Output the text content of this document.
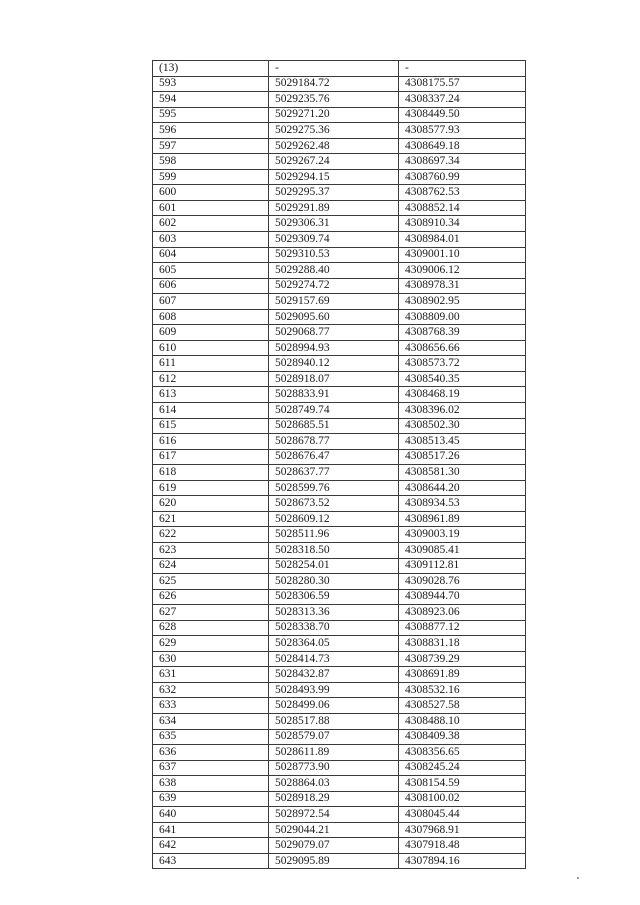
(13)	-	-
593	5029184.72	4308175.57
594	5029235.76	4308337.24
595	5029271.20	4308449.50
596	5029275.36	4308577.93
597	5029262.48	4308649.18
598	5029267.24	4308697.34
599	5029294.15	4308760.99
600	5029295.37	4308762.53
601	5029291.89	4308852.14
602	5029306.31	4308910.34
603	5029309.74	4308984.01
604	5029310.53	4309001.10
605	5029288.40	4309006.12
606	5029274.72	4308978.31
607	5029157.69	4308902.95
608	5029095.60	4308809.00
609	5029068.77	4308768.39
610	5028994.93	4308656.66
611	5028940.12	4308573.72
612	5028918.07	4308540.35
613	5028833.91	4308468.19
614	5028749.74	4308396.02
615	5028685.51	4308502.30
616	5028678.77	4308513.45
617	5028676.47	4308517.26
618	5028637.77	4308581.30
619	5028599.76	4308644.20
620	5028673.52	4308934.53
621	5028609.12	4308961.89
622	5028511.96	4309003.19
623	5028318.50	4309085.41
624	5028254.01	4309112.81
625	5028280.30	4309028.76
626	5028306.59	4308944.70
627	5028313.36	4308923.06
628	5028338.70	4308877.12
629	5028364.05	4308831.18
630	5028414.73	4308739.29
631	5028432.87	4308691.89
632	5028493.99	4308532.16
633	5028499.06	4308527.58
634	5028517.88	4308488.10
635	5028579.07	4308409.38
636	5028611.89	4308356.65
637	5028773.90	4308245.24
638	5028864.03	4308154.59
639	5028918.29	4308100.02
640	5028972.54	4308045.44
641	5029044.21	4307968.91
642	5029079.07	4307918.48
643	5029095.89	4307894.16
